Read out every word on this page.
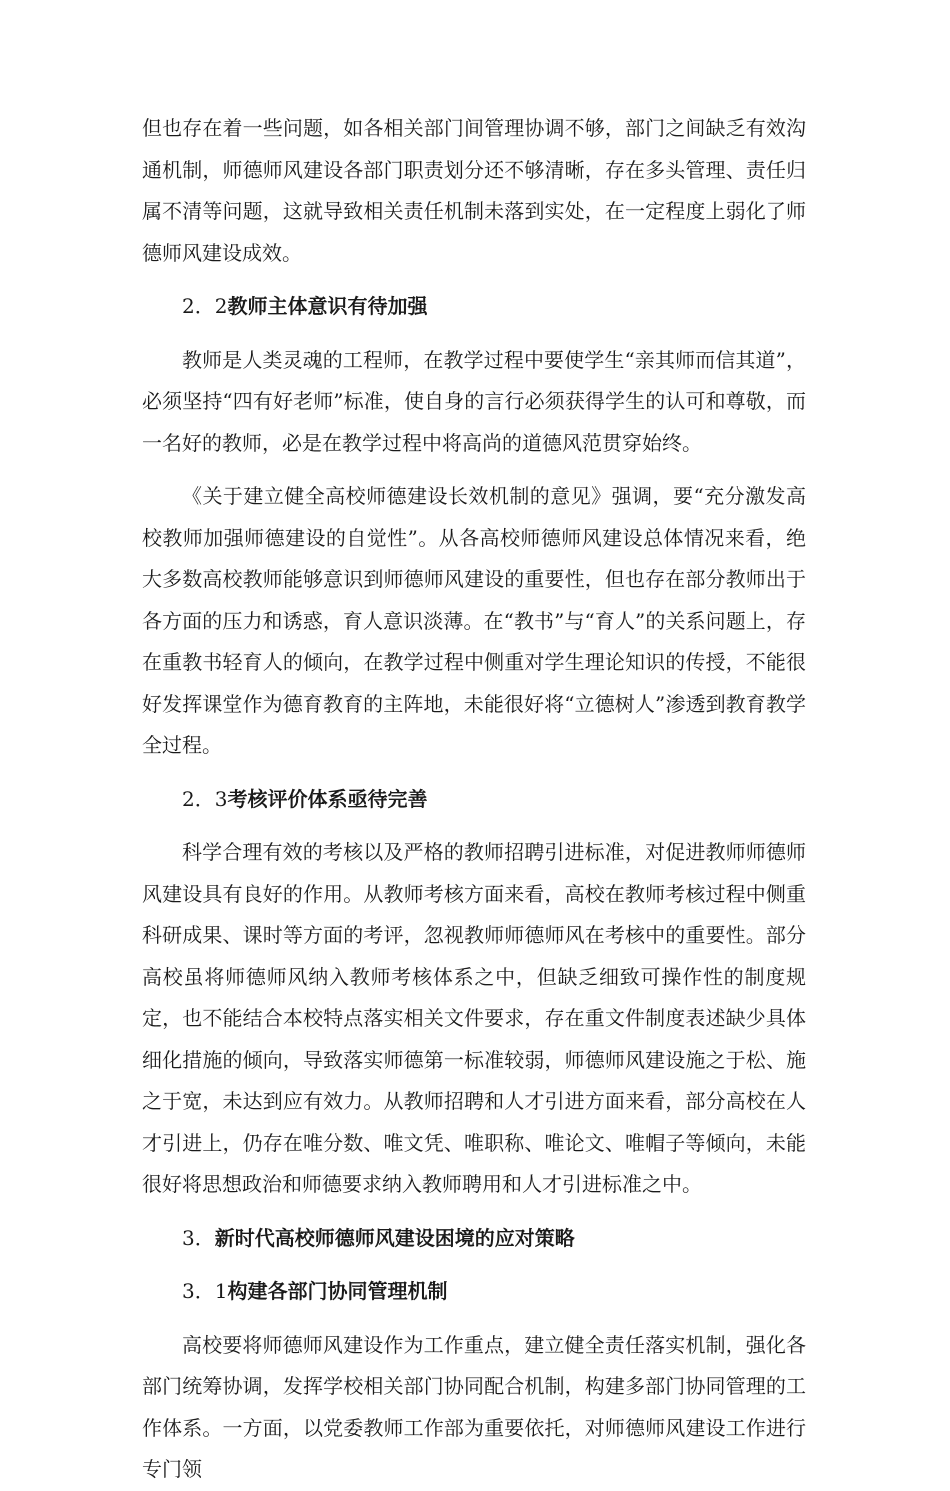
但也存在着一些问题，如各相关部门间管理协调不够，部门之间缺乏有效沟通机制，师德师风建设各部门职责划分还不够清晰，存在多头管理、责任归属不清等问题，这就导致相关责任机制未落到实处，在一定程度上弱化了师德师风建设成效。

2．2教师主体意识有待加强

教师是人类灵魂的工程师，在教学过程中要使学生“亲其师而信其道”，必须坚持“四有好老师”标准，使自身的言行必须获得学生的认可和尊敬，而一名好的教师，必是在教学过程中将高尚的道德风范贯穿始终。

《关于建立健全高校师德建设长效机制的意见》强调，要“充分激发高校教师加强师德建设的自觉性”。从各高校师德师风建设总体情况来看，绝大多数高校教师能够意识到师德师风建设的重要性，但也存在部分教师出于各方面的压力和诱惑，育人意识淡薄。在“教书”与“育人”的关系问题上，存在重教书轻育人的倾向，在教学过程中侧重对学生理论知识的传授，不能很好发挥课堂作为德育教育的主阵地，未能很好将“立德树人”渗透到教育教学全过程。

2．3考核评价体系亟待完善

科学合理有效的考核以及严格的教师招聘引进标准，对促进教师师德师风建设具有良好的作用。从教师考核方面来看，高校在教师考核过程中侧重科研成果、课时等方面的考评，忽视教师师德师风在考核中的重要性。部分高校虽将师德师风纳入教师考核体系之中，但缺乏细致可操作性的制度规定，也不能结合本校特点落实相关文件要求，存在重文件制度表述缺少具体细化措施的倾向，导致落实师德第一标准较弱，师德师风建设施之于松、施之于宽，未达到应有效力。从教师招聘和人才引进方面来看，部分高校在人才引进上，仍存在唯分数、唯文凭、唯职称、唯论文、唯帽子等倾向，未能很好将思想政治和师德要求纳入教师聘用和人才引进标准之中。

3．新时代高校师德师风建设困境的应对策略
3．1构建各部门协同管理机制

高校要将师德师风建设作为工作重点，建立健全责任落实机制，强化各部门统筹协调，发挥学校相关部门协同配合机制，构建多部门协同管理的工作体系。一方面，以党委教师工作部为重要依托，对师德师风建设工作进行专门领
